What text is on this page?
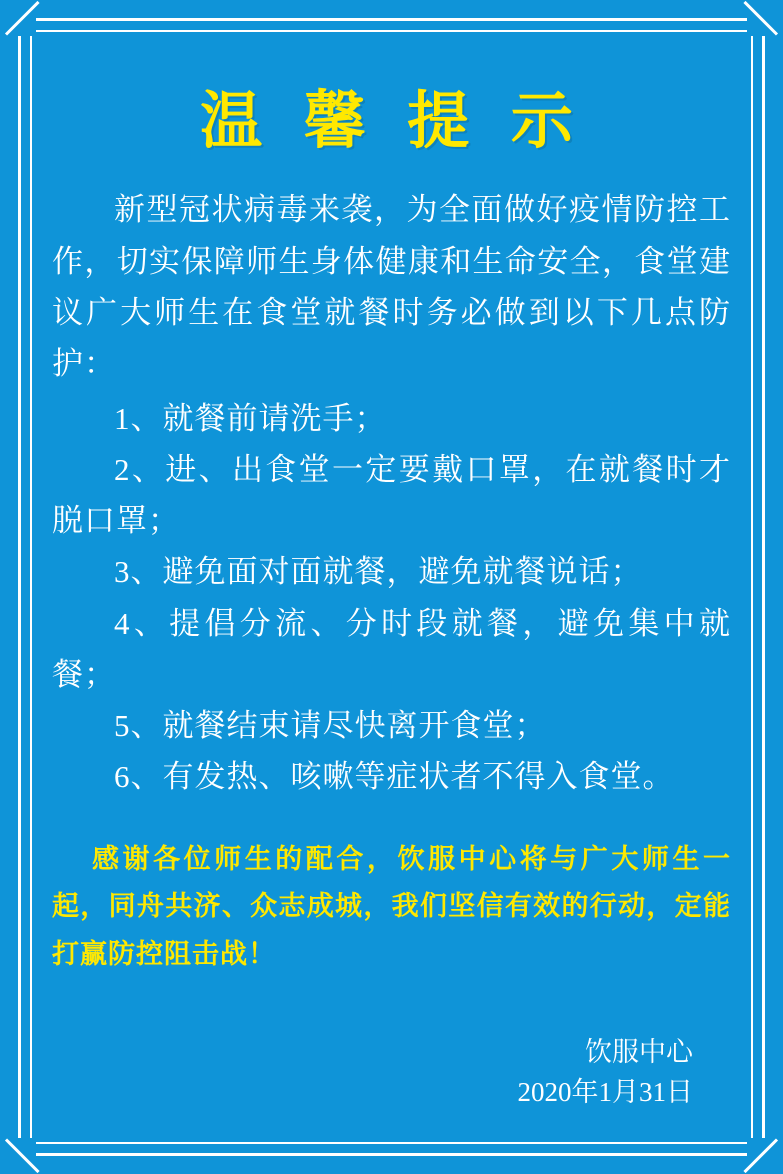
温 馨 提 示

新型冠状病毒来袭，为全面做好疫情防控工作，切实保障师生身体健康和生命安全，食堂建议广大师生在食堂就餐时务必做到以下几点防护：

1、就餐前请洗手；

2、进、出食堂一定要戴口罩，在就餐时才脱口罩；

3、避免面对面就餐，避免就餐说话；

4、提倡分流、分时段就餐，避免集中就餐；

5、就餐结束请尽快离开食堂；

6、有发热、咳嗽等症状者不得入食堂。

感谢各位师生的配合，饮服中心将与广大师生一起，同舟共济、众志成城，我们坚信有效的行动，定能打赢防控阻击战！
饮服中心
2020年1月31日
